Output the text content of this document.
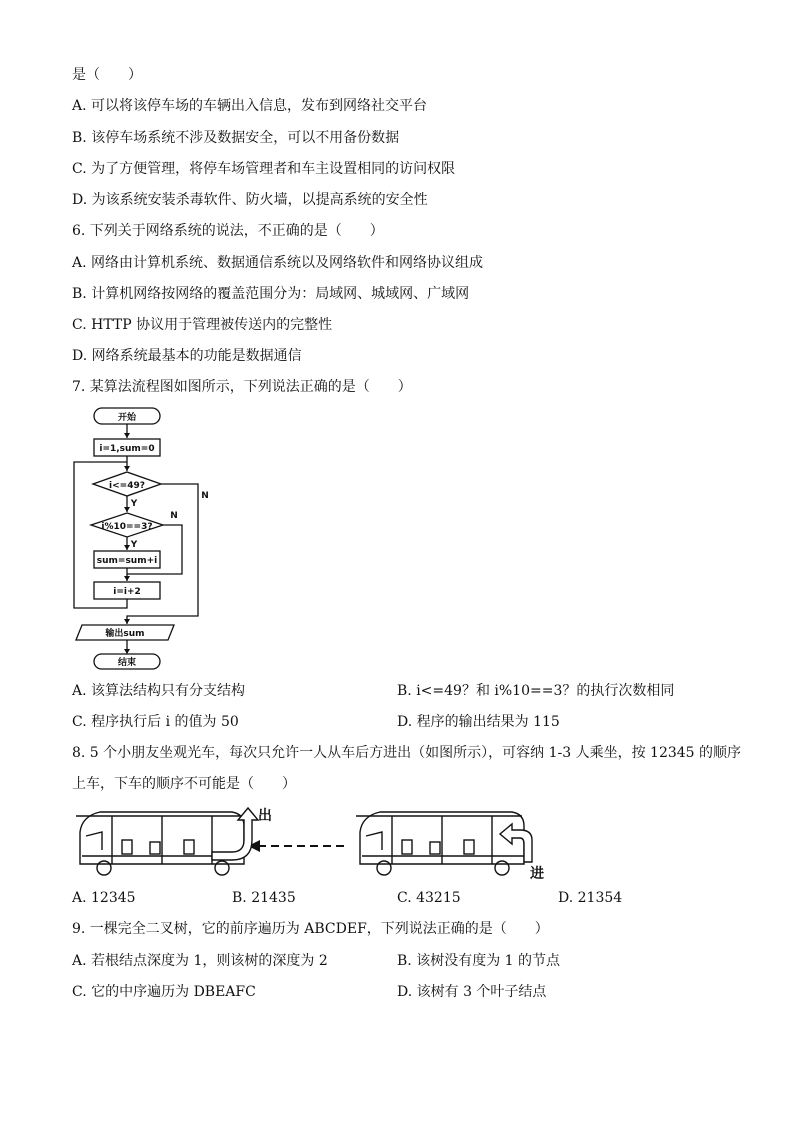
是（　　）
A. 可以将该停车场的车辆出入信息，发布到网络社交平台
B. 该停车场系统不涉及数据安全，可以不用备份数据
C. 为了方便管理，将停车场管理者和车主设置相同的访问权限
D. 为该系统安装杀毒软件、防火墙，以提高系统的安全性
6. 下列关于网络系统的说法，不正确的是（　　）
A. 网络由计算机系统、数据通信系统以及网络软件和网络协议组成
B. 计算机网络按网络的覆盖范围分为：局域网、城域网、广域网
C. HTTP 协议用于管理被传送内的完整性
D. 网络系统最基本的功能是数据通信
7. 某算法流程图如图所示，下列说法正确的是（　　）
开始
i=1,sum=0
i<=49?
i%10==3?
sum=sum+i
i=i+2
输出sum
结束
Y
Y
N
N
A. 该算法结构只有分支结构	B. i<=49？和 i%10==3？的执行次数相同
C. 程序执行后 i 的值为 50	D. 程序的输出结果为 115
8. 5 个小朋友坐观光车，每次只允许一人从车后方进出（如图所示），可容纳 1-3 人乘坐，按 12345 的顺序
上车，下车的顺序不可能是（　　）
出
进
A. 12345	B. 21435	C. 43215	D. 21354
9. 一棵完全二叉树，它的前序遍历为 ABCDEF，下列说法正确的是（　　）
A. 若根结点深度为 1，则该树的深度为 2	B. 该树没有度为 1 的节点
C. 它的中序遍历为 DBEAFC	D. 该树有 3 个叶子结点
